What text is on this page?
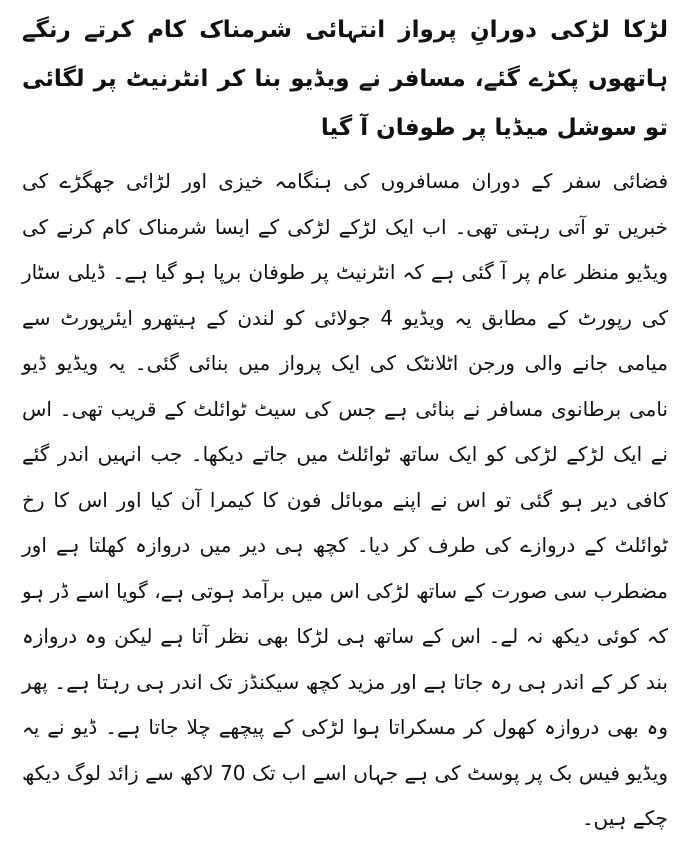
لڑکا لڑکی دورانِ پرواز انتہائی شرمناک کام کرتے رنگے ہاتھوں پکڑے گئے، مسافر نے ویڈیو بنا کر انٹرنیٹ پر لگائی تو سوشل میڈیا پر طوفان آ گیا

فضائی سفر کے دوران مسافروں کی ہنگامہ خیزی اور لڑائی جھگڑے کی خبریں تو آتی رہتی تھی۔ اب ایک لڑکے لڑکی کے ایسا شرمناک کام کرنے کی ویڈیو منظر عام پر آ گئی ہے کہ انٹرنیٹ پر طوفان برپا ہو گیا ہے۔ ڈیلی سٹار کی رپورٹ کے مطابق یہ ویڈیو 4 جولائی کو لندن کے ہیتھرو ایئرپورٹ سے میامی جانے والی ورجن اٹلانٹک کی ایک پرواز میں بنائی گئی۔ یہ ویڈیو ڈیو نامی برطانوی مسافر نے بنائی ہے جس کی سیٹ ٹوائلٹ کے قریب تھی۔ اس نے ایک لڑکے لڑکی کو ایک ساتھ ٹوائلٹ میں جاتے دیکھا۔ جب انہیں اندر گئے کافی دیر ہو گئی تو اس نے اپنے موبائل فون کا کیمرا آن کیا اور اس کا رخ ٹوائلٹ کے دروازے کی طرف کر دیا۔ کچھ ہی دیر میں دروازہ کھلتا ہے اور مضطرب سی صورت کے ساتھ لڑکی اس میں برآمد ہوتی ہے، گویا اسے ڈر ہو کہ کوئی دیکھ نہ لے۔ اس کے ساتھ ہی لڑکا بھی نظر آتا ہے لیکن وہ دروازہ بند کر کے اندر ہی رہ جاتا ہے اور مزید کچھ سیکنڈز تک اندر ہی رہتا ہے۔ پھر وہ بھی دروازہ کھول کر مسکراتا ہوا لڑکی کے پیچھے چلا جاتا ہے۔ ڈیو نے یہ ویڈیو فیس بک پر پوسٹ کی ہے جہاں اسے اب تک 70 لاکھ سے زائد لوگ دیکھ چکے ہیں۔
